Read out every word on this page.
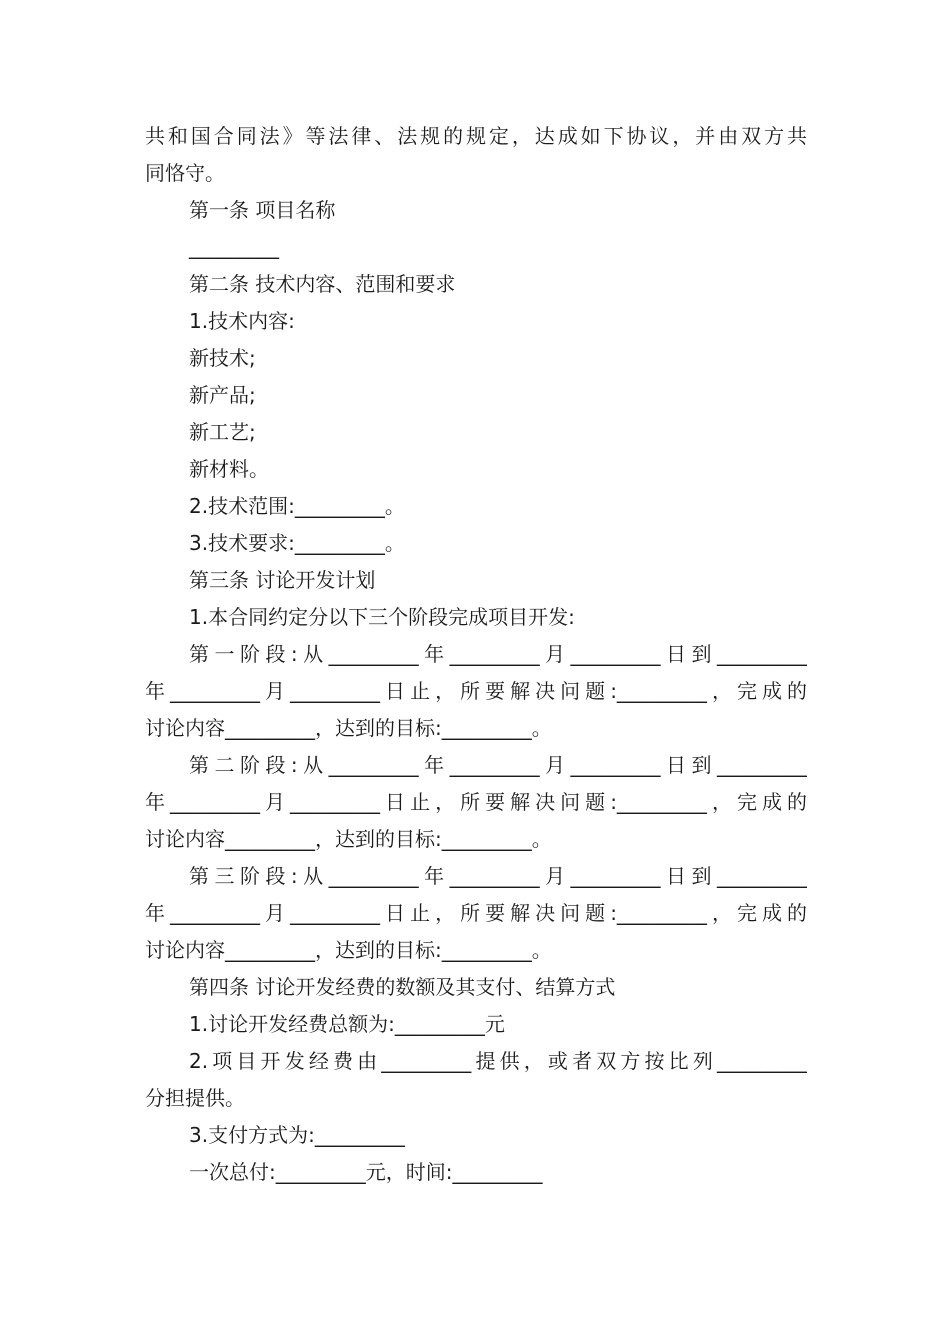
共和国合同法》等法律、法规的规定，达成如下协议，并由双方共
同恪守。
第一条 项目名称
_________
第二条 技术内容、范围和要求
1.技术内容:
新技术;
新产品;
新工艺;
新材料。
2.技术范围:_________。
3.技术要求:_________。
第三条 讨论开发计划
1.本合同约定分以下三个阶段完成项目开发:
第一阶段:从_________年_________月_________日到_________
年_________月_________日止，所要解决问题:_________，完成的
讨论内容_________，达到的目标:_________。
第二阶段:从_________年_________月_________日到_________
年_________月_________日止，所要解决问题:_________，完成的
讨论内容_________，达到的目标:_________。
第三阶段:从_________年_________月_________日到_________
年_________月_________日止，所要解决问题:_________，完成的
讨论内容_________，达到的目标:_________。
第四条 讨论开发经费的数额及其支付、结算方式
1.讨论开发经费总额为:_________元
2.项目开发经费由_________提供，或者双方按比列_________
分担提供。
3.支付方式为:_________
一次总付:_________元，时间:_________
